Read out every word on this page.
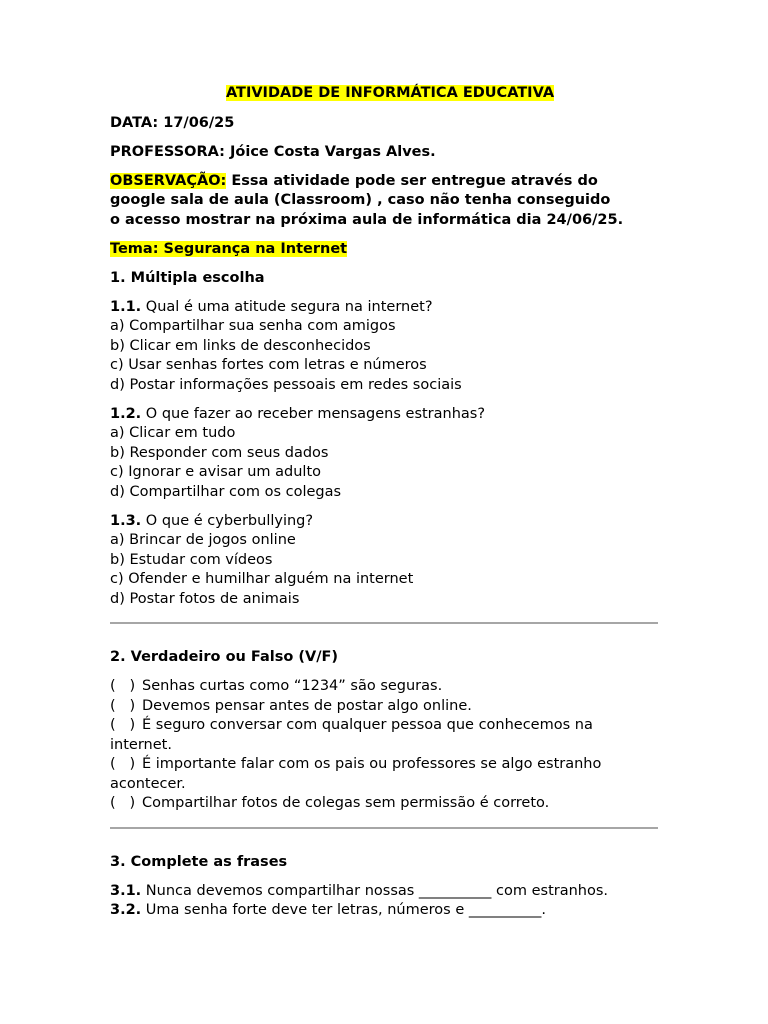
ATIVIDADE DE INFORMÁTICA EDUCATIVA

DATA: 17/06/25

PROFESSORA: Jóice Costa Vargas Alves.

OBSERVAÇÃO: Essa atividade pode ser entregue através do
google sala de aula (Classroom) , caso não tenha conseguido
o acesso mostrar na próxima aula de informática dia 24/06/25.

Tema: Segurança na Internet

1. Múltipla escolha

1.1. Qual é uma atitude segura na internet?
a) Compartilhar sua senha com amigos
b) Clicar em links de desconhecidos
c) Usar senhas fortes com letras e números
d) Postar informações pessoais em redes sociais
1.2. O que fazer ao receber mensagens estranhas?
a) Clicar em tudo
b) Responder com seus dados
c) Ignorar e avisar um adulto
d) Compartilhar com os colegas
1.3. O que é cyberbullying?
a) Brincar de jogos online
b) Estudar com vídeos
c) Ofender e humilhar alguém na internet
d) Postar fotos de animais

2. Verdadeiro ou Falso (V/F)

(   ) Senhas curtas como “1234” são seguras.
(   ) Devemos pensar antes de postar algo online.
(   ) É seguro conversar com qualquer pessoa que conhecemos na
internet.
(   ) É importante falar com os pais ou professores se algo estranho
acontecer.
(   ) Compartilhar fotos de colegas sem permissão é correto.

3. Complete as frases

3.1. Nunca devemos compartilhar nossas __________ com estranhos.
3.2. Uma senha forte deve ter letras, números e __________.
